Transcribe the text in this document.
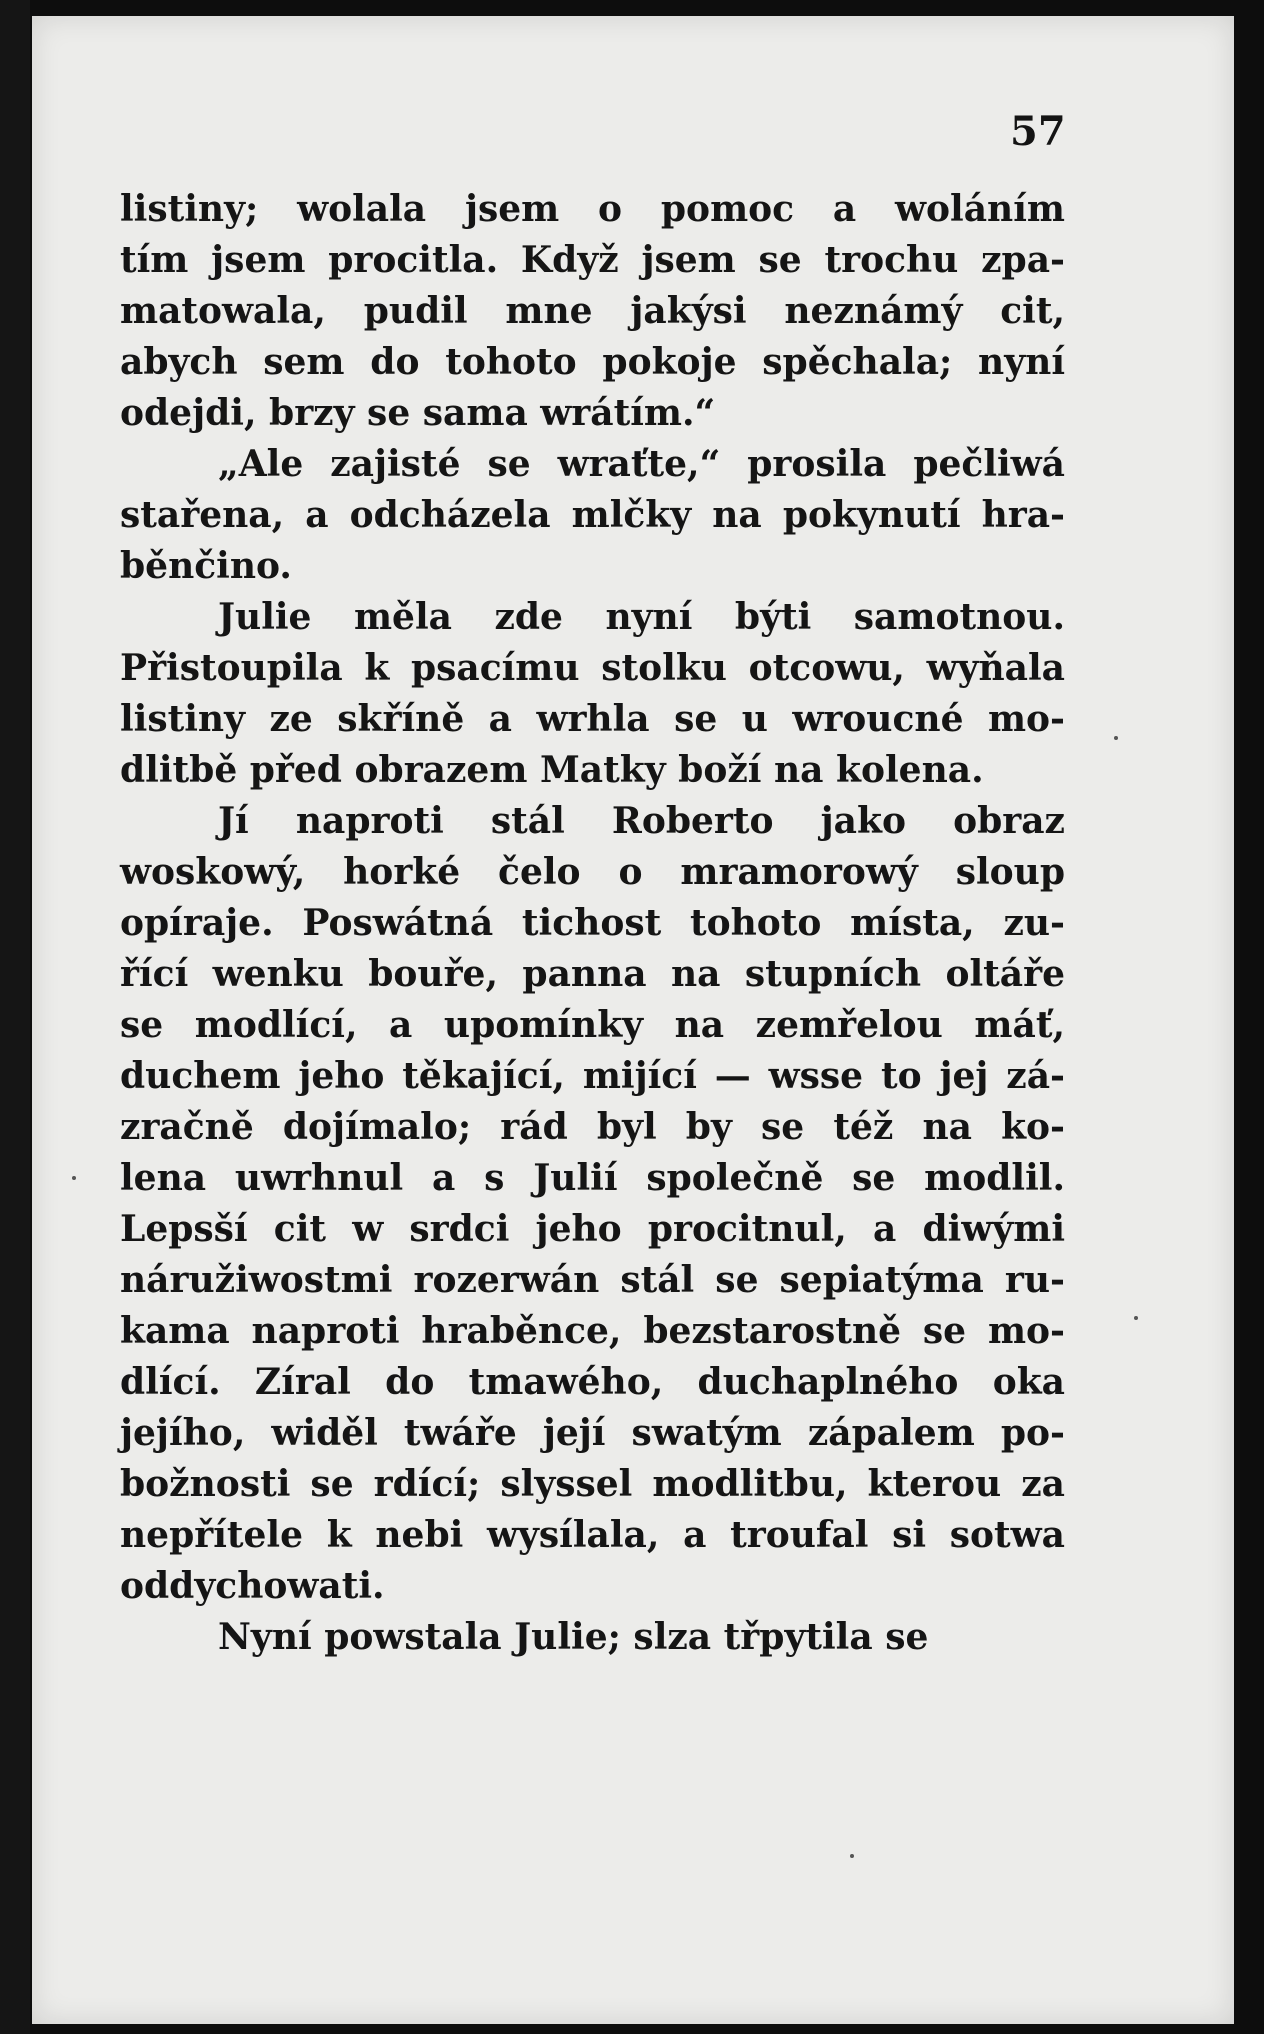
57
listiny; wolala jsem o pomoc a woláním
tím jsem procitla. Když jsem se trochu zpa-
matowala, pudil mne jakýsi neznámý cit,
abych sem do tohoto pokoje spěchala; nyní
odejdi, brzy se sama wrátím.“
„Ale zajisté se wraťte,“ prosila pečliwá
stařena, a odcházela mlčky na pokynutí hra-
běnčino.
Julie měla zde nyní býti samotnou.
Přistoupila k psacímu stolku otcowu, wyňala
listiny ze skříně a wrhla se u wroucné mo-
dlitbě před obrazem Matky boží na kolena.
Jí naproti stál Roberto jako obraz
woskowý, horké čelo o mramorowý sloup
opíraje. Poswátná tichost tohoto místa, zu-
řící wenku bouře, panna na stupních oltáře
se modlící, a upomínky na zemřelou máť,
duchem jeho těkající, mijící — wsse to jej zá-
zračně dojímalo; rád byl by se též na ko-
lena uwrhnul a s Julií společně se modlil.
Lepsší cit w srdci jeho procitnul, a diwými
náružiwostmi rozerwán stál se sepiatýma ru-
kama naproti hraběnce, bezstarostně se mo-
dlící. Zíral do tmawého, duchaplného oka
jejího, widěl twáře její swatým zápalem po-
božnosti se rdící; slyssel modlitbu, kterou za
nepřítele k nebi wysílala, a troufal si sotwa
oddychowati.
Nyní powstala Julie; slza třpytila se
